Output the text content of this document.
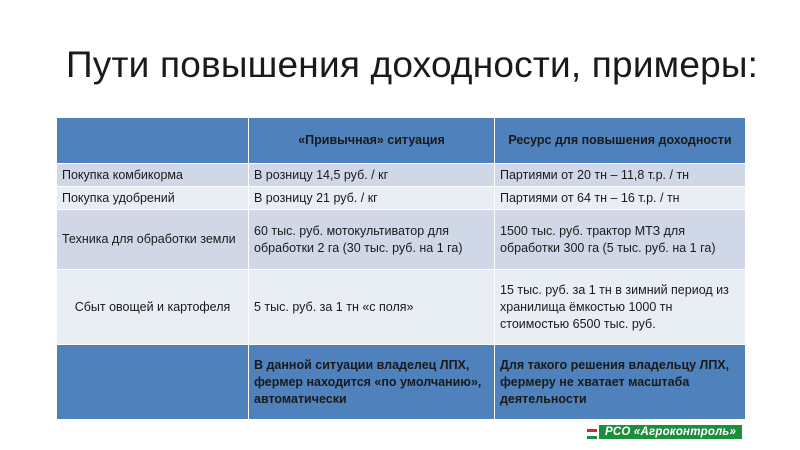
Пути повышения доходности, примеры:
	«Привычная» ситуация	Ресурс для повышения доходности
Покупка комбикорма	В розницу 14,5 руб. / кг	Партиями от 20 тн – 11,8 т.р. / тн
Покупка удобрений	В розницу 21 руб. / кг	Партиями от 64 тн – 16 т.р. / тн
Техника для обработки земли	60 тыс. руб. мотокультиватор для обработки 2 га (30 тыс. руб. на 1 га)	1500 тыс. руб. трактор МТЗ для обработки 300 га (5 тыс. руб. на 1 га)
Сбыт овощей и картофеля	5 тыс. руб. за 1 тн «с поля»	15 тыс. руб. за 1 тн в зимний период из хранилища ёмкостью 1000 тн стоимостью 6500 тыс. руб.
	В данной ситуации владелец ЛПХ, фермер находится «по умолчанию», автоматически	Для такого решения владельцу ЛПХ, фермеру не хватает масштаба деятельности
РСО «Агроконтроль»
